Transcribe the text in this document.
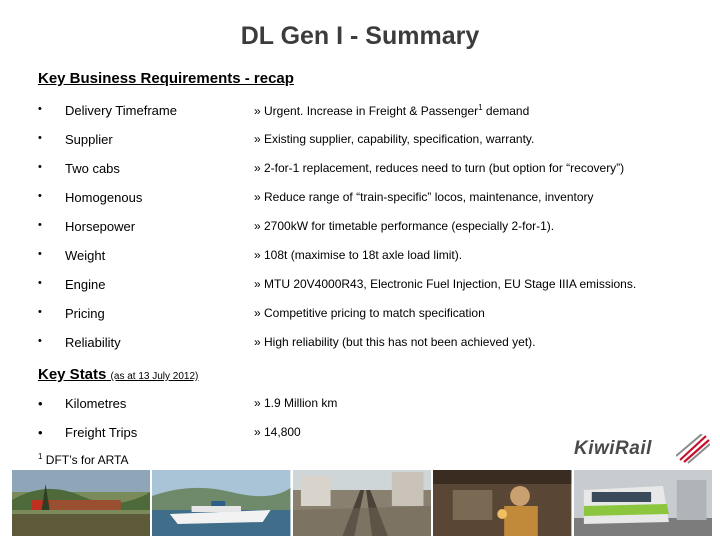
DL Gen I - Summary
Key Business Requirements - recap
• Delivery Timeframe	» Urgent. Increase in Freight & Passenger$^1$ demand
• Supplier	» Existing supplier, capability, specification, warranty.
• Two cabs	» 2-for-1 replacement, reduces need to turn (but option for “recovery”)
• Homogenous	» Reduce range of “train-specific” locos, maintenance, inventory
• Horsepower	» 2700kW for timetable performance (especially 2-for-1).
• Weight	» 108t (maximise to 18t axle load limit).
• Engine	» MTU 20V4000R43, Electronic Fuel Injection, EU Stage IIIA emissions.
• Pricing	» Competitive pricing to match specification
• Reliability	» High reliability (but this has not been achieved yet).
Key Stats (as at 13 July 2012)
• Kilometres	» 1.9 Million km
• Freight Trips	» 14,800
$^1$ DFT’s for ARTA
KiwiRail
